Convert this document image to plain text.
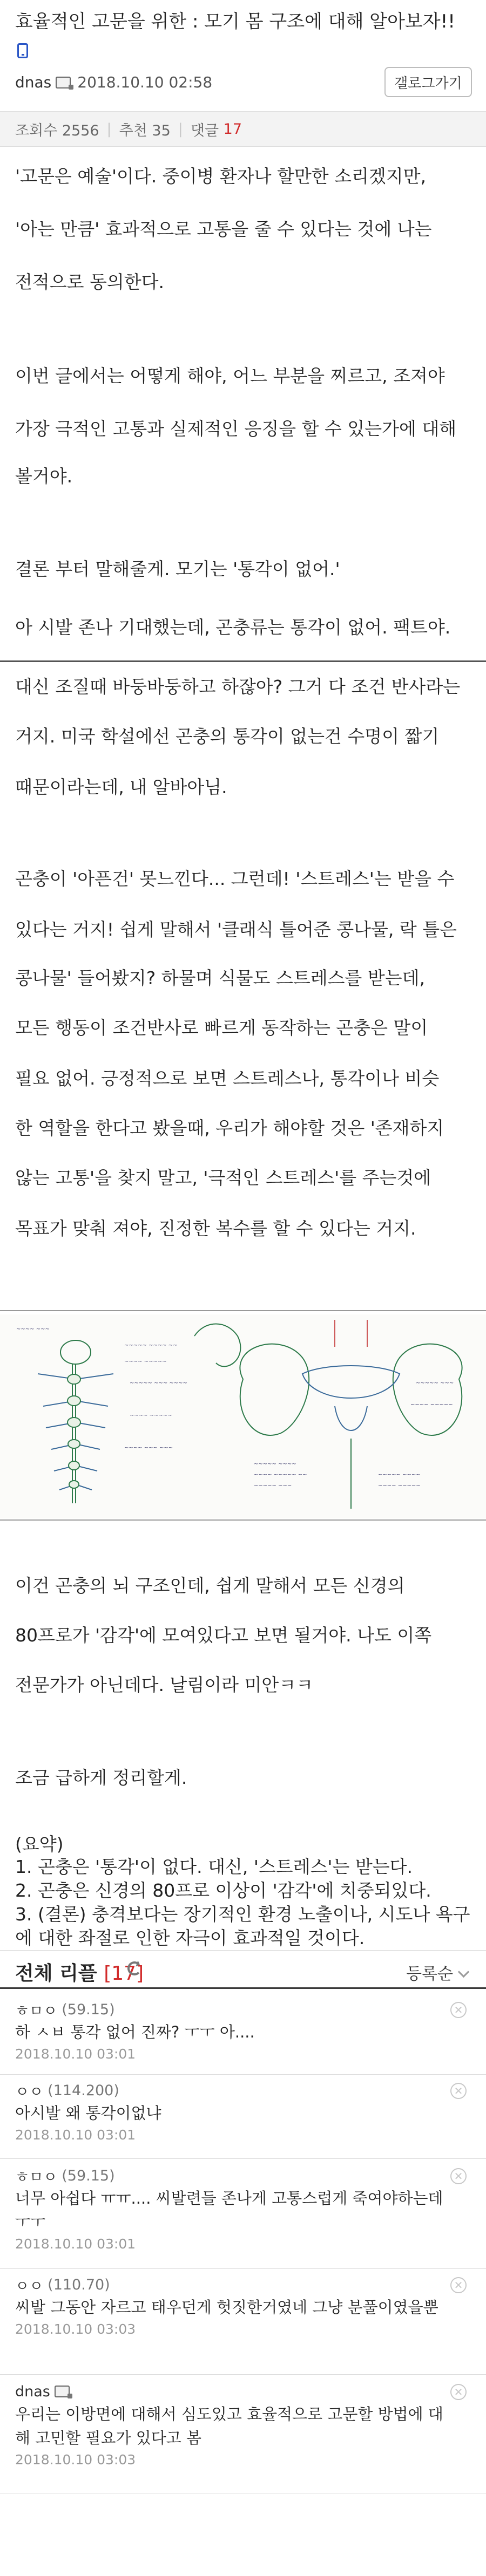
효율적인 고문을 위한 : 모기 몸 구조에 대해 알아보자!!

dnas 2018.10.10 02:58	갤로그가기
조회수 2556 | 추천 35 | 댓글
17
'고문은 예술'이다. 중이병 환자나 할만한 소리겠지만,
'아는 만큼' 효과적으로 고통을 줄 수 있다는 것에 나는
전적으로 동의한다.
이번 글에서는 어떻게 해야, 어느 부분을 찌르고, 조져야
가장 극적인 고통과 실제적인 응징을 할 수 있는가에 대해
볼거야.
결론 부터 말해줄게. 모기는 '통각이 없어.'
아 시발 존나 기대했는데, 곤충류는 통각이 없어. 팩트야.
대신 조질때 바둥바둥하고 하잖아? 그거 다 조건 반사라는
거지. 미국 학설에선 곤충의 통각이 없는건 수명이 짧기
때문이라는데, 내 알바아님.
곤충이 '아픈건' 못느낀다... 그런데! '스트레스'는 받을 수
있다는 거지! 쉽게 말해서 '클래식 틀어준 콩나물, 락 틀은
콩나물' 들어봤지? 하물며 식물도 스트레스를 받는데,
모든 행동이 조건반사로 빠르게 동작하는 곤충은 말이
필요 없어. 긍정적으로 보면 스트레스나, 통각이나 비슷
한 역할을 한다고 봤을때, 우리가 해야할 것은 '존재하지
않는 고통'을 찾지 말고, '극적인 스트레스'를 주는것에
목표가 맞춰 져야, 진정한 복수를 할 수 있다는 거지.
~~~~ ~~~
~~~~~ ~~~~ ~~
~~~~ ~~~~~
~~~~~ ~~~ ~~~~
~~~~ ~~~~~
~~~~ ~~~ ~~~
~~~~~ ~~~~
~~~~ ~~~~~ ~~
~~~~~ ~~~
~~~~~ ~~~~
~~~~ ~~~~~
~~~~~ ~~~
~~~~ ~~~~~
이건 곤충의 뇌 구조인데, 쉽게 말해서 모든 신경의
80프로가 '감각'에 모여있다고 보면 될거야. 나도 이쪽
전문가가 아닌데다. 날림이라 미안ㅋㅋ
조금 급하게 정리할게.
(요약)
1. 곤충은 '통각'이 없다. 대신, '스트레스'는 받는다.
2. 곤충은 신경의 80프로 이상이 '감각'에 치중되있다.
3. (결론) 충격보다는 장기적인 환경 노출이나, 시도나 욕구
에 대한 좌절로 인한 자극이 효과적일 것이다.
전체 리플 [17]	등록순
ㅎㅁㅇ (59.15)
하 ㅅㅂ 통각 없어 진짜? ㅜㅜ 아....
2018.10.10 03:01
✕
ㅇㅇ (114.200)
아시발 왜 통각이없냐
2018.10.10 03:01
✕
ㅎㅁㅇ (59.15)
너무 아쉽다 ㅠㅠ.... 씨발련들 존나게 고통스럽게 죽여야하는데 ㅜㅜ
2018.10.10 03:01
✕
ㅇㅇ (110.70)
씨발 그동안 자르고 태우던게 헛짓한거였네 그냥 분풀이였을뿐
2018.10.10 03:03
✕
dnas
우리는 이방면에 대해서 심도있고 효율적으로 고문할 방법에 대해 고민할 필요가 있다고 봄
2018.10.10 03:03
✕
